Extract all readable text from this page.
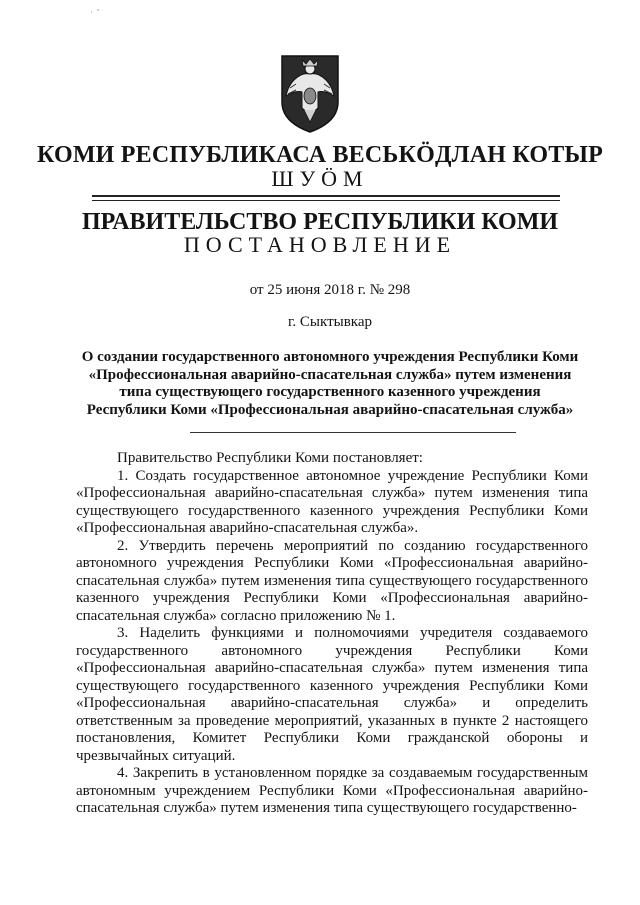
·  ˇ
КОМИ РЕСПУБЛИКАСА ВЕСЬКӦДЛАН КОТЫР
ШУӦМ
ПРАВИТЕЛЬСТВО РЕСПУБЛИКИ КОМИ
ПОСТАНОВЛЕНИЕ
от 25 июня 2018 г. № 298
г. Сыктывкар
О создании государственного автономного учреждения Республики Коми «Профессиональная аварийно-спасательная служба» путем изменения типа существующего государственного казенного учреждения Республики Коми «Профессиональная аварийно-спасательная служба»

Правительство Республики Коми постановляет:

1. Создать государственное автономное учреждение Республики Коми «Профессиональная аварийно-спасательная служба» путем изменения типа существующего государственного казенного учреждения Республики Коми «Профессиональная аварийно-спасательная служба».

2. Утвердить перечень мероприятий по созданию государственного автономного учреждения Республики Коми «Профессиональная аварийно-спасательная служба» путем изменения типа существующего государственного казенного учреждения Республики Коми «Профессиональная аварийно-спасательная служба» согласно приложению № 1.

3. Наделить функциями и полномочиями учредителя создаваемого государственного автономного учреждения Республики Коми «Профессиональная аварийно-спасательная служба» путем изменения типа существующего государственного казенного учреждения Республики Коми «Профессиональная аварийно-спасательная служба» и определить ответственным за проведение мероприятий, указанных в пункте 2 настоящего постановления, Комитет Республики Коми гражданской обороны и чрезвычайных ситуаций.

4. Закрепить в установленном порядке за создаваемым государственным автономным учреждением Республики Коми «Профессиональная аварийно-спасательная служба» путем изменения типа существующего государственно-
